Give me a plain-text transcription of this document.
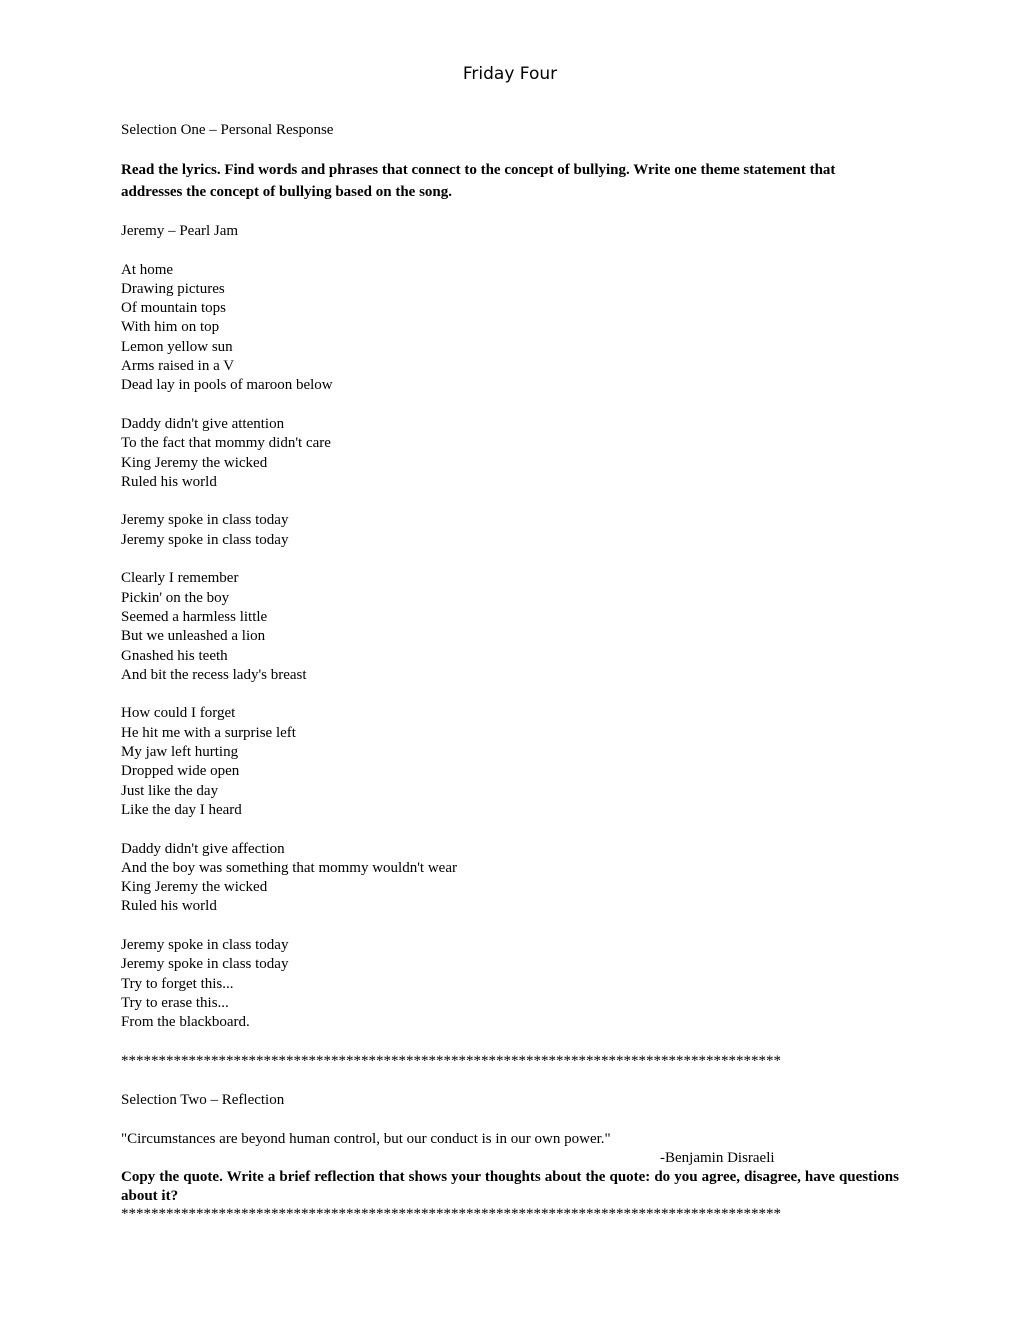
Friday Four

Selection One – Personal Response

Read the lyrics. Find words and phrases that connect to the concept of bullying. Write one theme statement that addresses the concept of bullying based on the song.

Jeremy – Pearl Jam

At home
Drawing pictures
Of mountain tops
With him on top
Lemon yellow sun
Arms raised in a V
Dead lay in pools of maroon below
Daddy didn't give attention
To the fact that mommy didn't care
King Jeremy the wicked
Ruled his world
Jeremy spoke in class today
Jeremy spoke in class today
Clearly I remember
Pickin' on the boy
Seemed a harmless little
But we unleashed a lion
Gnashed his teeth
And bit the recess lady's breast
How could I forget
He hit me with a surprise left
My jaw left hurting
Dropped wide open
Just like the day
Like the day I heard
Daddy didn't give affection
And the boy was something that mommy wouldn't wear
King Jeremy the wicked
Ruled his world
Jeremy spoke in class today
Jeremy spoke in class today
Try to forget this...
Try to erase this...
From the blackboard.

****************************************************************************************

Selection Two – Reflection

"Circumstances are beyond human control, but our conduct is in our own power."

-Benjamin Disraeli

Copy the quote. Write a brief reflection that shows your thoughts about the quote: do you agree, disagree, have questions about it?

****************************************************************************************
